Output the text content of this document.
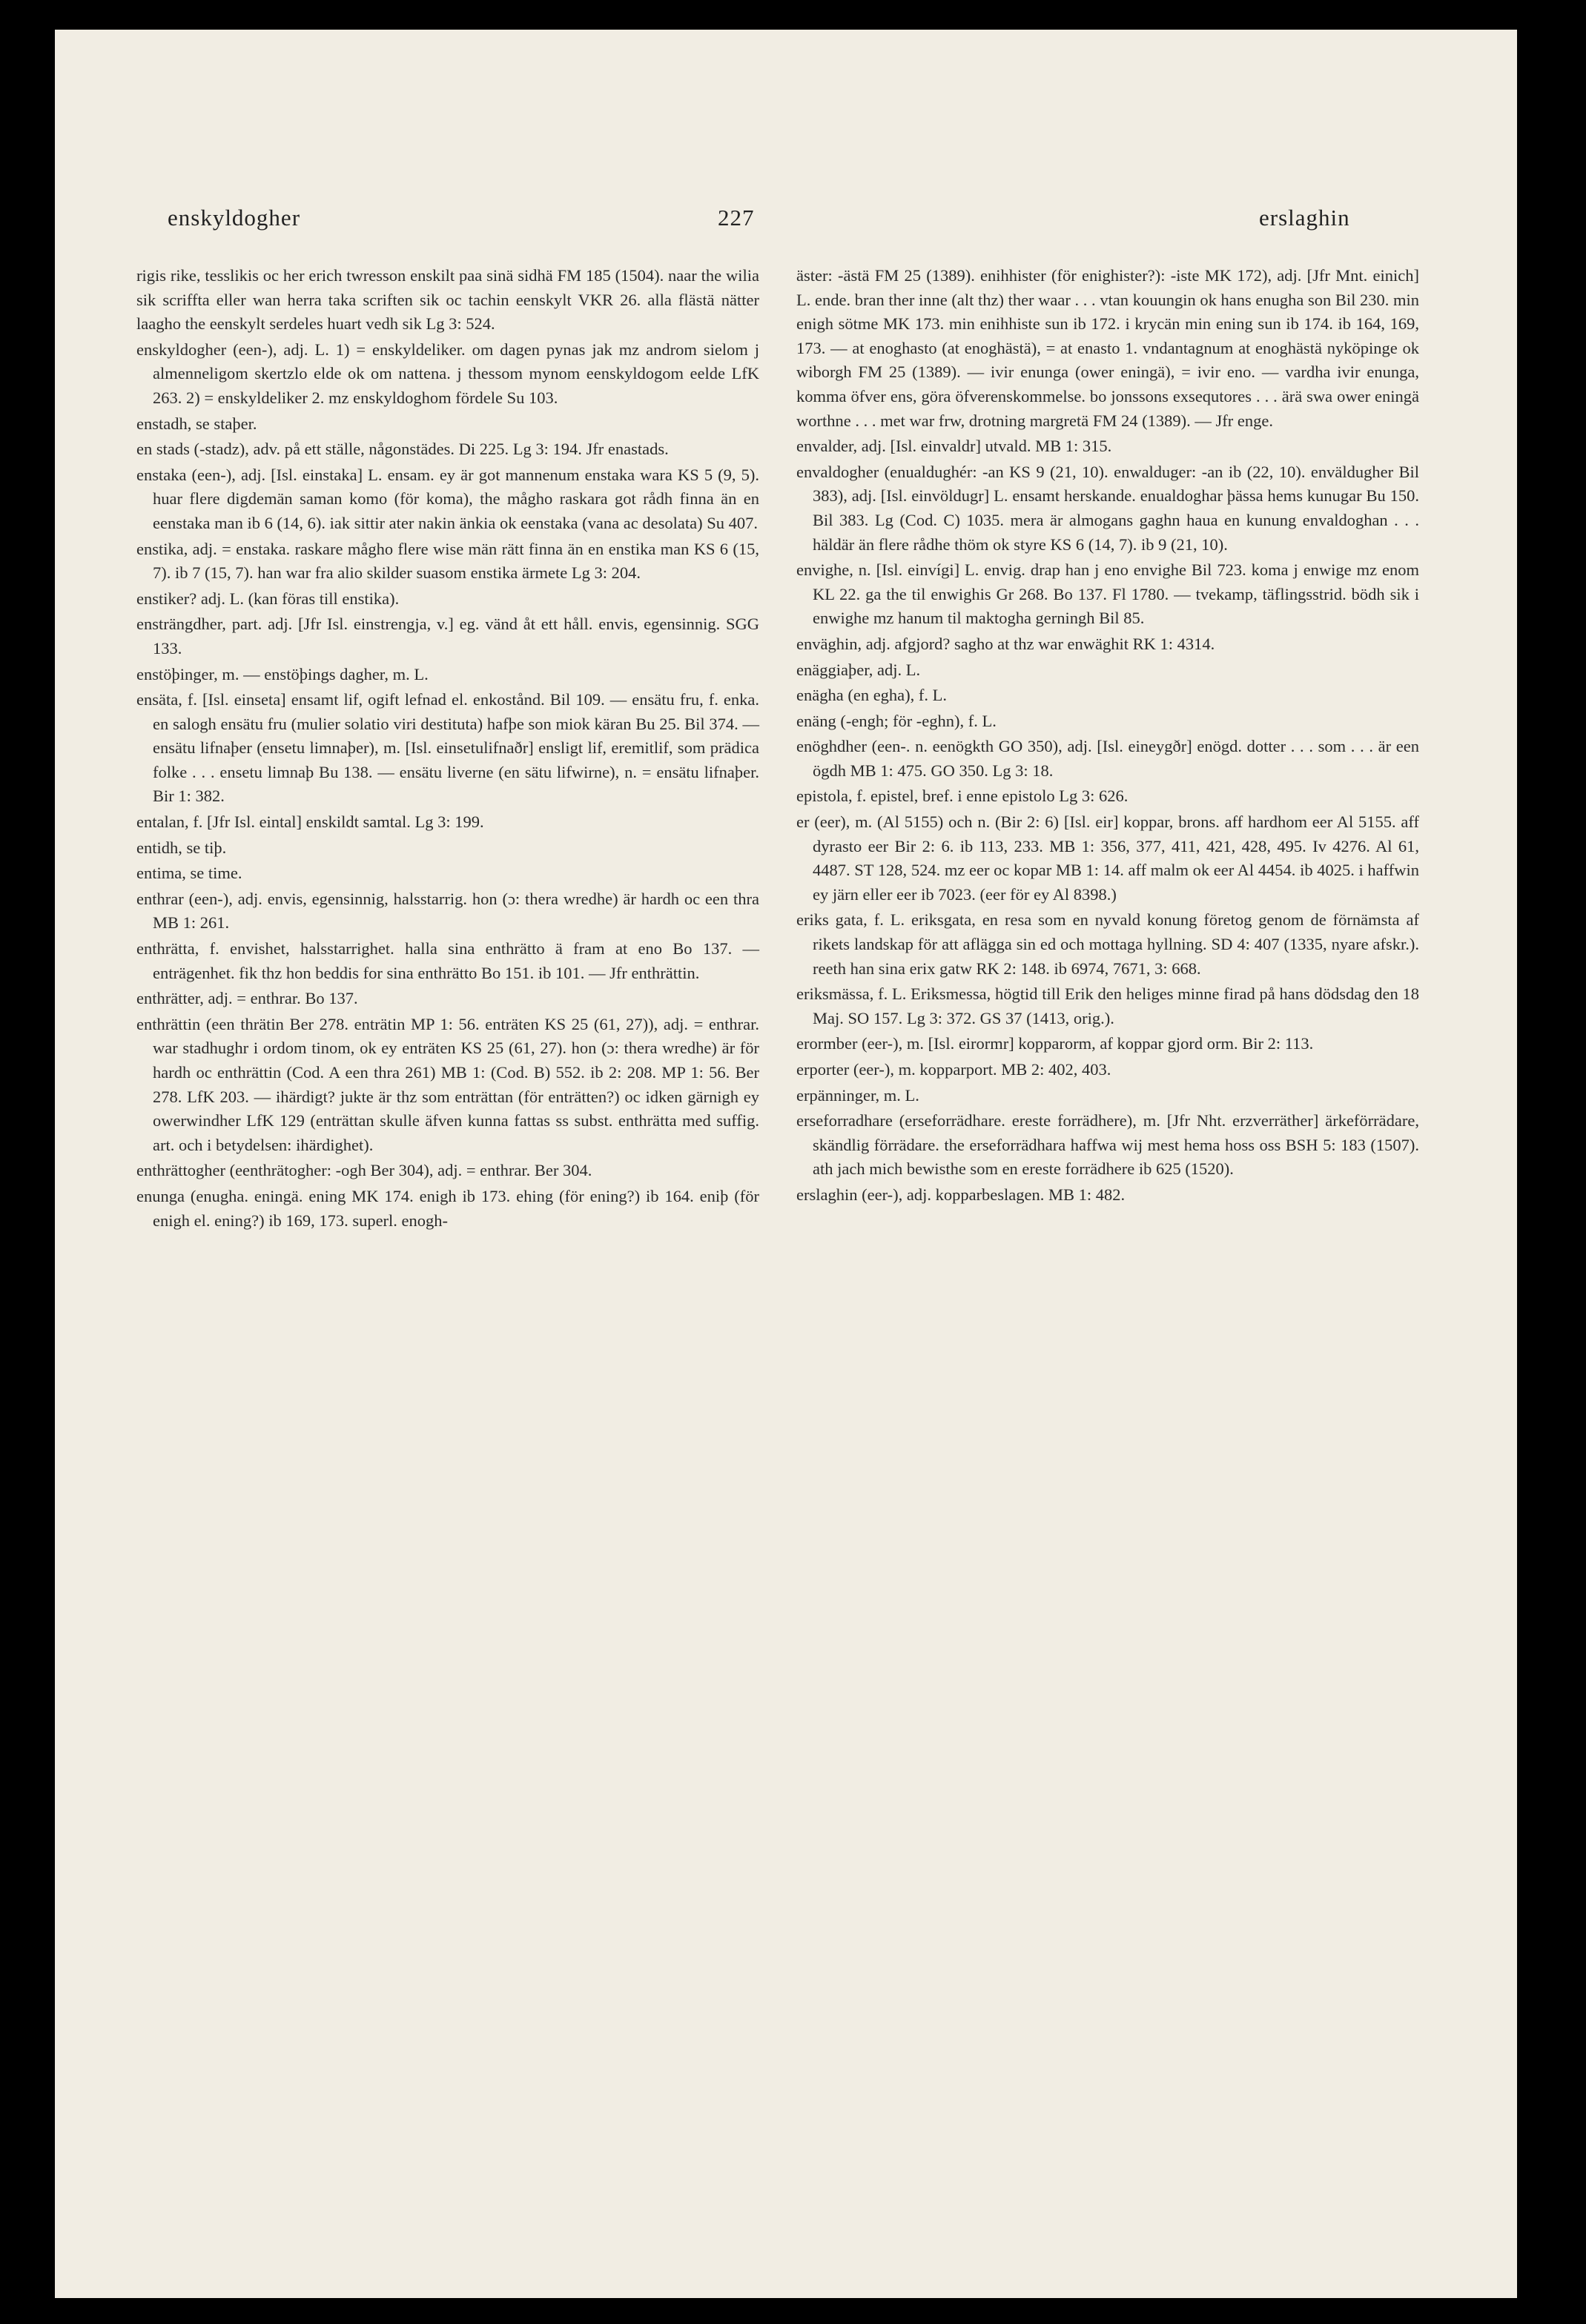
enskyldogher	227	erslaghin

rigis rike, tesslikis oc her erich twresson enskilt paa sinä sidhä FM 185 (1504). naar the wilia sik scriffta eller wan herra taka scriften sik oc tachin eenskylt VKR 26. alla flästä nätter laagho the eenskylt serdeles huart vedh sik Lg 3: 524.

enskyldogher (een-), adj. L. 1) = enskyldeliker. om dagen pynas jak mz androm sielom j almenneligom skertzlo elde ok om nattena. j thessom mynom eenskyldogom eelde LfK 263. 2) = enskyldeliker 2. mz enskyldoghom fördele Su 103.

enstadh, se staþer.

en stads (-stadz), adv. på ett ställe, någonstädes. Di 225. Lg 3: 194. Jfr enastads.

enstaka (een-), adj. [Isl. einstaka] L. ensam. ey är got mannenum enstaka wara KS 5 (9, 5). huar flere digdemän saman komo (för koma), the mågho raskara got rådh finna än en eenstaka man ib 6 (14, 6). iak sittir ater nakin änkia ok eenstaka (vana ac desolata) Su 407.

enstika, adj. = enstaka. raskare mågho flere wise män rätt finna än en enstika man KS 6 (15, 7). ib 7 (15, 7). han war fra alio skilder suasom enstika ärmete Lg 3: 204.

enstiker? adj. L. (kan föras till enstika).

ensträngdher, part. adj. [Jfr Isl. einstrengja, v.] eg. vänd åt ett håll. envis, egensinnig. SGG 133.

enstöþinger, m. — enstöþings dagher, m. L.

ensäta, f. [Isl. einseta] ensamt lif, ogift lefnad el. enkostånd. Bil 109. — ensätu fru, f. enka. en salogh ensätu fru (mulier solatio viri destituta) hafþe son miok käran Bu 25. Bil 374. — ensätu lifnaþer (ensetu limnaþer), m. [Isl. einsetulifnaðr] ensligt lif, eremitlif, som prädica folke . . . ensetu limnaþ Bu 138. — ensätu liverne (en sätu lifwirne), n. = ensätu lifnaþer. Bir 1: 382.

entalan, f. [Jfr Isl. eintal] enskildt samtal. Lg 3: 199.

entidh, se tiþ.

entima, se time.

enthrar (een-), adj. envis, egensinnig, halsstarrig. hon (ɔ: thera wredhe) är hardh oc een thra MB 1: 261.

enthrätta, f. envishet, halsstarrighet. halla sina enthrätto ä fram at eno Bo 137. — enträgenhet. fik thz hon beddis for sina enthrätto Bo 151. ib 101. — Jfr enthrättin.

enthrätter, adj. = enthrar. Bo 137.

enthrättin (een thrätin Ber 278. enträtin MP 1: 56. enträten KS 25 (61, 27)), adj. = enthrar. war stadhughr i ordom tinom, ok ey enträten KS 25 (61, 27). hon (ɔ: thera wredhe) är för hardh oc enthrättin (Cod. A een thra 261) MB 1: (Cod. B) 552. ib 2: 208. MP 1: 56. Ber 278. LfK 203. — ihärdigt? jukte är thz som enträttan (för enträtten?) oc idken gärnigh ey owerwindher LfK 129 (enträttan skulle äfven kunna fattas ss subst. enthrätta med suffig. art. och i betydelsen: ihärdighet).

enthrättogher (eenthrätogher: -ogh Ber 304), adj. = enthrar. Ber 304.

enunga (enugha. eningä. ening MK 174. enigh ib 173. ehing (för ening?) ib 164. eniþ (för enigh el. ening?) ib 169, 173. superl. enogh-

äster: -ästä FM 25 (1389). enihhister (för enighister?): -iste MK 172), adj. [Jfr Mnt. einich] L. ende. bran ther inne (alt thz) ther waar . . . vtan kouungin ok hans enugha son Bil 230. min enigh sötme MK 173. min enihhiste sun ib 172. i krycän min ening sun ib 174. ib 164, 169, 173. — at enoghasto (at enoghästä), = at enasto 1. vndantagnum at enoghästä nyköpinge ok wiborgh FM 25 (1389). — ivir enunga (ower eningä), = ivir eno. — vardha ivir enunga, komma öfver ens, göra öfverenskommelse. bo jonssons exsequtores . . . ärä swa ower eningä worthne . . . met war frw, drotning margretä FM 24 (1389). — Jfr enge.

envalder, adj. [Isl. einvaldr] utvald. MB 1: 315.

envaldogher (enualdughér: -an KS 9 (21, 10). enwalduger: -an ib (22, 10). enväldugher Bil 383), adj. [Isl. einvöldugr] L. ensamt herskande. enualdoghar þässa hems kunugar Bu 150. Bil 383. Lg (Cod. C) 1035. mera är almogans gaghn haua en kunung envaldoghan . . . häldär än flere rådhe thöm ok styre KS 6 (14, 7). ib 9 (21, 10).

envighe, n. [Isl. einvígi] L. envig. drap han j eno envighe Bil 723. koma j enwige mz enom KL 22. ga the til enwighis Gr 268. Bo 137. Fl 1780. — tvekamp, täflingsstrid. bödh sik i enwighe mz hanum til maktogha gerningh Bil 85.

enväghin, adj. afgjord? sagho at thz war enwäghit RK 1: 4314.

enäggiaþer, adj. L.

enägha (en egha), f. L.

enäng (-engh; för -eghn), f. L.

enöghdher (een-. n. eenögkth GO 350), adj. [Isl. eineygðr] enögd. dotter . . . som . . . är een ögdh MB 1: 475. GO 350. Lg 3: 18.

epistola, f. epistel, bref. i enne epistolo Lg 3: 626.

er (eer), m. (Al 5155) och n. (Bir 2: 6) [Isl. eir] koppar, brons. aff hardhom eer Al 5155. aff dyrasto eer Bir 2: 6. ib 113, 233. MB 1: 356, 377, 411, 421, 428, 495. Iv 4276. Al 61, 4487. ST 128, 524. mz eer oc kopar MB 1: 14. aff malm ok eer Al 4454. ib 4025. i haffwin ey järn eller eer ib 7023. (eer för ey Al 8398.)

eriks gata, f. L. eriksgata, en resa som en nyvald konung företog genom de förnämsta af rikets landskap för att aflägga sin ed och mottaga hyllning. SD 4: 407 (1335, nyare afskr.). reeth han sina erix gatw RK 2: 148. ib 6974, 7671, 3: 668.

eriksmässa, f. L. Eriksmessa, högtid till Erik den heliges minne firad på hans dödsdag den 18 Maj. SO 157. Lg 3: 372. GS 37 (1413, orig.).

erormber (eer-), m. [Isl. eirormr] kopparorm, af koppar gjord orm. Bir 2: 113.

erporter (eer-), m. kopparport. MB 2: 402, 403.

erpänninger, m. L.

erseforradhare (erseforrädhare. ereste forrädhere), m. [Jfr Nht. erzverräther] ärkeförrädare, skändlig förrädare. the erseforrädhara haffwa wij mest hema hoss oss BSH 5: 183 (1507). ath jach mich bewisthe som en ereste forrädhere ib 625 (1520).

erslaghin (eer-), adj. kopparbeslagen. MB 1: 482.
